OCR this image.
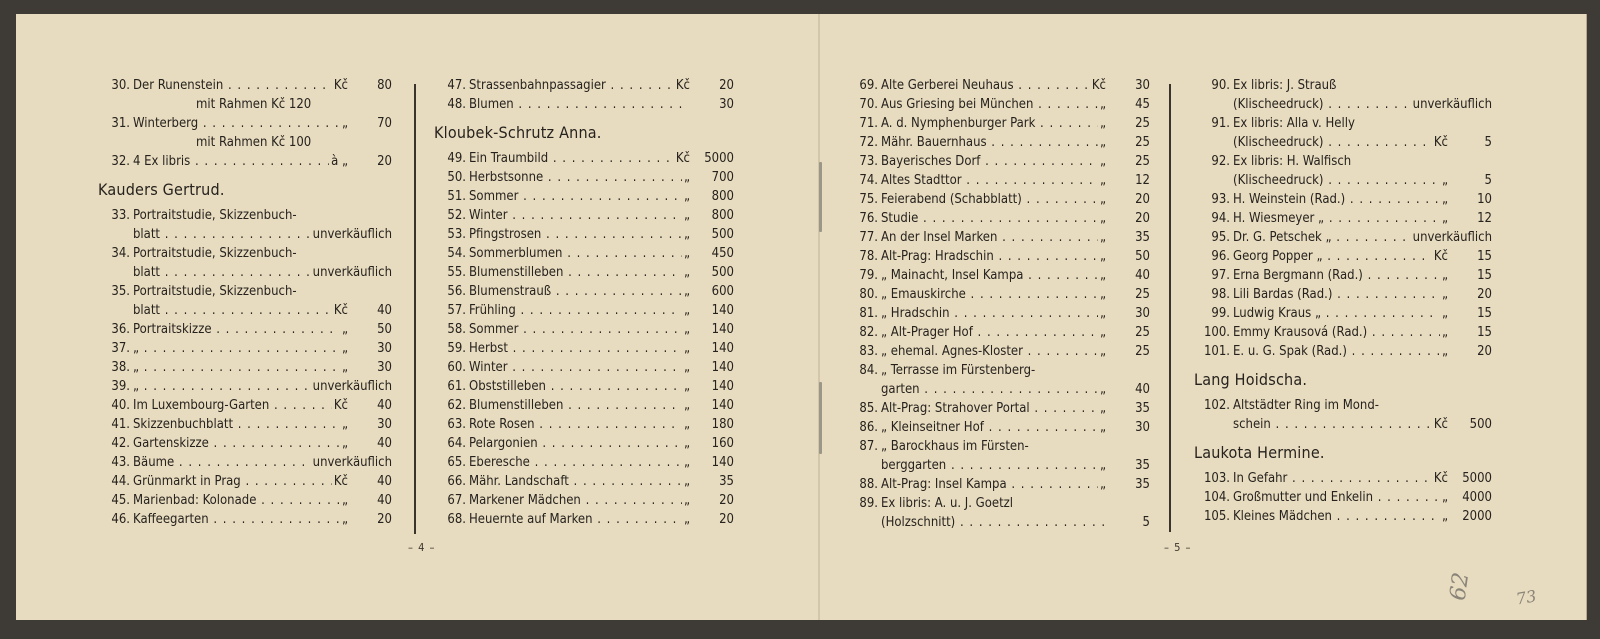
30. Der Runenstein . . .	Kč	80
mit Rahmen Kč 120
31. Winterberg . . .	„	70
mit Rahmen Kč 100
32. 4 Ex libris . . .	à „	20
Kauders Gertrud.
33. Portraitstudie, Skizzenbuch-
blatt . . .	unverkäuflich
34. Portraitstudie, Skizzenbuch-
blatt . . .	unverkäuflich
35. Portraitstudie, Skizzenbuch-
blatt . . .	Kč	40
36. Portraitskizze . . .	„	50
37. „ . . .	„	30
38. „ . . .	„	30
39. „ . . .	unverkäuflich
40. Im Luxembourg-Garten . . .	Kč	40
41. Skizzenbuchblatt . . .	„	30
42. Gartenskizze . . .	„	40
43. Bäume . . .	unverkäuflich
44. Grünmarkt in Prag . . .	Kč	40
45. Marienbad: Kolonade . . .	„	40
46. Kaffeegarten . . .	„	20
47. Strassenbahnpassagier . . .	Kč	20
48. Blumen . . .	30
Kloubek-Schrutz Anna.
49. Ein Traumbild . . .	Kč	5000
50. Herbstsonne . . .	„	700
51. Sommer . . .	„	800
52. Winter . . .	„	800
53. Pfingstrosen . . .	„	500
54. Sommerblumen . . .	„	450
55. Blumenstilleben . . .	„	500
56. Blumenstrauß . . .	„	600
57. Frühling . . .	„	140
58. Sommer . . .	„	140
59. Herbst . . .	„	140
60. Winter . . .	„	140
61. Obststilleben . . .	„	140
62. Blumenstilleben . . .	„	140
63. Rote Rosen . . .	„	180
64. Pelargonien . . .	„	160
65. Eberesche . . .	„	140
66. Mähr. Landschaft . . .	„	35
67. Markener Mädchen . . .	„	20
68. Heuernte auf Marken . . .	„	20
– 4 –
69. Alte Gerberei Neuhaus . . .	Kč	30
70. Aus Griesing bei München . . .	„	45
71. A. d. Nymphenburger Park . . .	„	25
72. Mähr. Bauernhaus . . .	„	25
73. Bayerisches Dorf . . .	„	25
74. Altes Stadttor . . .	„	12
75. Feierabend (Schabblatt) . . .	„	20
76. Studie . . .	„	20
77. An der Insel Marken . . .	„	35
78. Alt-Prag: Hradschin . . .	„	50
79. „ Mainacht, Insel Kampa . . .	„	40
80. „ Emauskirche . . .	„	25
81. „ Hradschin . . .	„	30
82. „ Alt-Prager Hof . . .	„	25
83. „ ehemal. Agnes-Kloster . . .	„	25
84. „ Terrasse im Fürstenberg-
garten . . .	„	40
85. Alt-Prag: Strahover Portal . . .	„	35
86. „ Kleinseitner Hof . . .	„	30
87. „ Barockhaus im Fürsten-
berggarten . . .	„	35
88. Alt-Prag: Insel Kampa . . .	„	35
89. Ex libris: A. u. J. Goetzl
(Holzschnitt) . . .	5
90. Ex libris: J. Strauß
(Klischeedruck) . . .	unverkäuflich
91. Ex libris: Alla v. Helly
(Klischeedruck) . . .	Kč	5
92. Ex libris: H. Walfisch
(Klischeedruck) . . .	„	5
93. H. Weinstein (Rad.) . . .	„	10
94. H. Wiesmeyer „ . . .	„	12
95. Dr. G. Petschek „ . . .	unverkäuflich
96. Georg Popper „ . . .	Kč	15
97. Erna Bergmann (Rad.) . . .	„	15
98. Lili Bardas (Rad.) . . .	„	20
99. Ludwig Kraus „ . . .	„	15
100. Emmy Krausová (Rad.) . . .	„	15
101. E. u. G. Spak (Rad.) . . .	„	20
Lang Hoidscha.
102. Altstädter Ring im Mond-
schein . . .	Kč	500
Laukota Hermine.
103. In Gefahr . . .	Kč	5000
104. Großmutter und Enkelin . . .	„	4000
105. Kleines Mädchen . . .	„	2000
– 5 –
62	73
